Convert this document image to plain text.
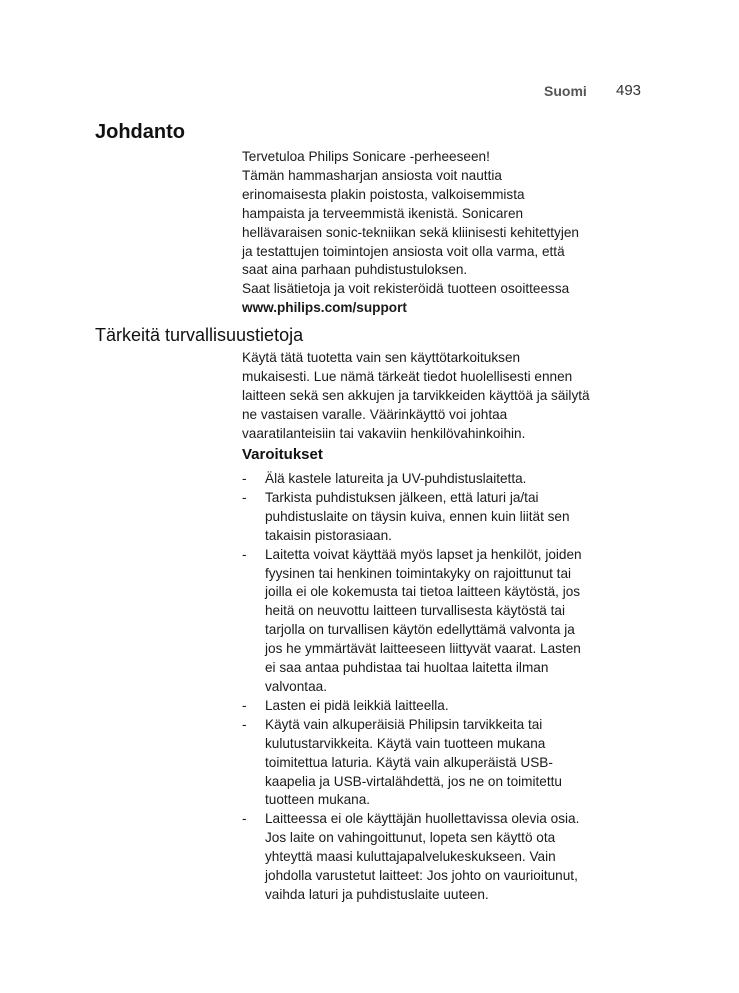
Suomi 493
Johdanto
Tervetuloa Philips Sonicare -perheeseen!
Tämän hammasharjan ansiosta voit nauttia
erinomaisesta plakin poistosta, valkoisemmista
hampaista ja terveemmistä ikenistä. Sonicaren
hellävaraisen sonic-tekniikan sekä kliinisesti kehitettyjen
ja testattujen toimintojen ansiosta voit olla varma, että
saat aina parhaan puhdistustuloksen.
Saat lisätietoja ja voit rekisteröidä tuotteen osoitteessa
www.philips.com/support
Tärkeitä turvallisuustietoja
Käytä tätä tuotetta vain sen käyttötarkoituksen
mukaisesti. Lue nämä tärkeät tiedot huolellisesti ennen
laitteen sekä sen akkujen ja tarvikkeiden käyttöä ja säilytä
ne vastaisen varalle. Väärinkäyttö voi johtaa
vaaratilanteisiin tai vakaviin henkilövahinkoihin.
Varoitukset
- Älä kastele latureita ja UV-puhdistuslaitetta.
- Tarkista puhdistuksen jälkeen, että laturi ja/tai
puhdistuslaite on täysin kuiva, ennen kuin liität sen
takaisin pistorasiaan.
- Laitetta voivat käyttää myös lapset ja henkilöt, joiden
fyysinen tai henkinen toimintakyky on rajoittunut tai
joilla ei ole kokemusta tai tietoa laitteen käytöstä, jos
heitä on neuvottu laitteen turvallisesta käytöstä tai
tarjolla on turvallisen käytön edellyttämä valvonta ja
jos he ymmärtävät laitteeseen liittyvät vaarat. Lasten
ei saa antaa puhdistaa tai huoltaa laitetta ilman
valvontaa.
- Lasten ei pidä leikkiä laitteella.
- Käytä vain alkuperäisiä Philipsin tarvikkeita tai
kulutustarvikkeita. Käytä vain tuotteen mukana
toimitettua laturia. Käytä vain alkuperäistä USB-
kaapelia ja USB-virtalähdettä, jos ne on toimitettu
tuotteen mukana.
- Laitteessa ei ole käyttäjän huollettavissa olevia osia.
Jos laite on vahingoittunut, lopeta sen käyttö ota
yhteyttä maasi kuluttajapalvelukeskukseen. Vain
johdolla varustetut laitteet: Jos johto on vaurioitunut,
vaihda laturi ja puhdistuslaite uuteen.
